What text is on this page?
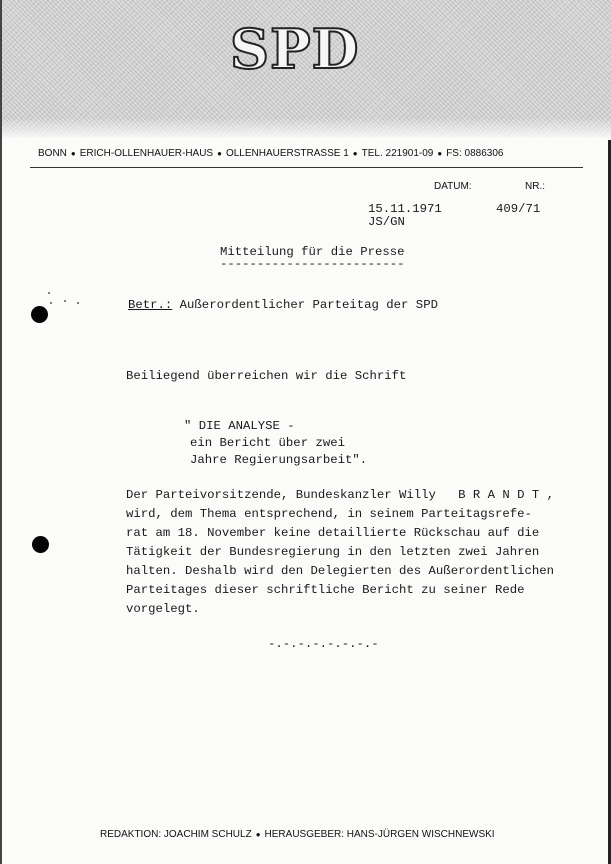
SPD
BONN ● ERICH-OLLENHAUER-HAUS ● OLLENHAUERSTRASSE 1 ● TEL. 221901-09 ● FS: 0886306
DATUM:	NR.:
15.11.1971
JS/GN
409/71
Mitteilung für die Presse
-------------------------
Betr.: Außerordentlicher Parteitag der SPD
Beiliegend überreichen wir die Schrift
" DIE ANALYSE -
ein Bericht über zwei
Jahre Regierungsarbeit".
Der Parteivorsitzende, Bundeskanzler Willy   B R A N D T ,
wird, dem Thema entsprechend, in seinem Parteitagsrefe-
rat am 18. November keine detaillierte Rückschau auf die
Tätigkeit der Bundesregierung in den letzten zwei Jahren
halten. Deshalb wird den Delegierten des Außerordentlichen
Parteitages dieser schriftliche Bericht zu seiner Rede
vorgelegt.
-.-.-.-.-.-.-.-
REDAKTION: JOACHIM SCHULZ ● HERAUSGEBER: HANS-JÜRGEN WISCHNEWSKI
